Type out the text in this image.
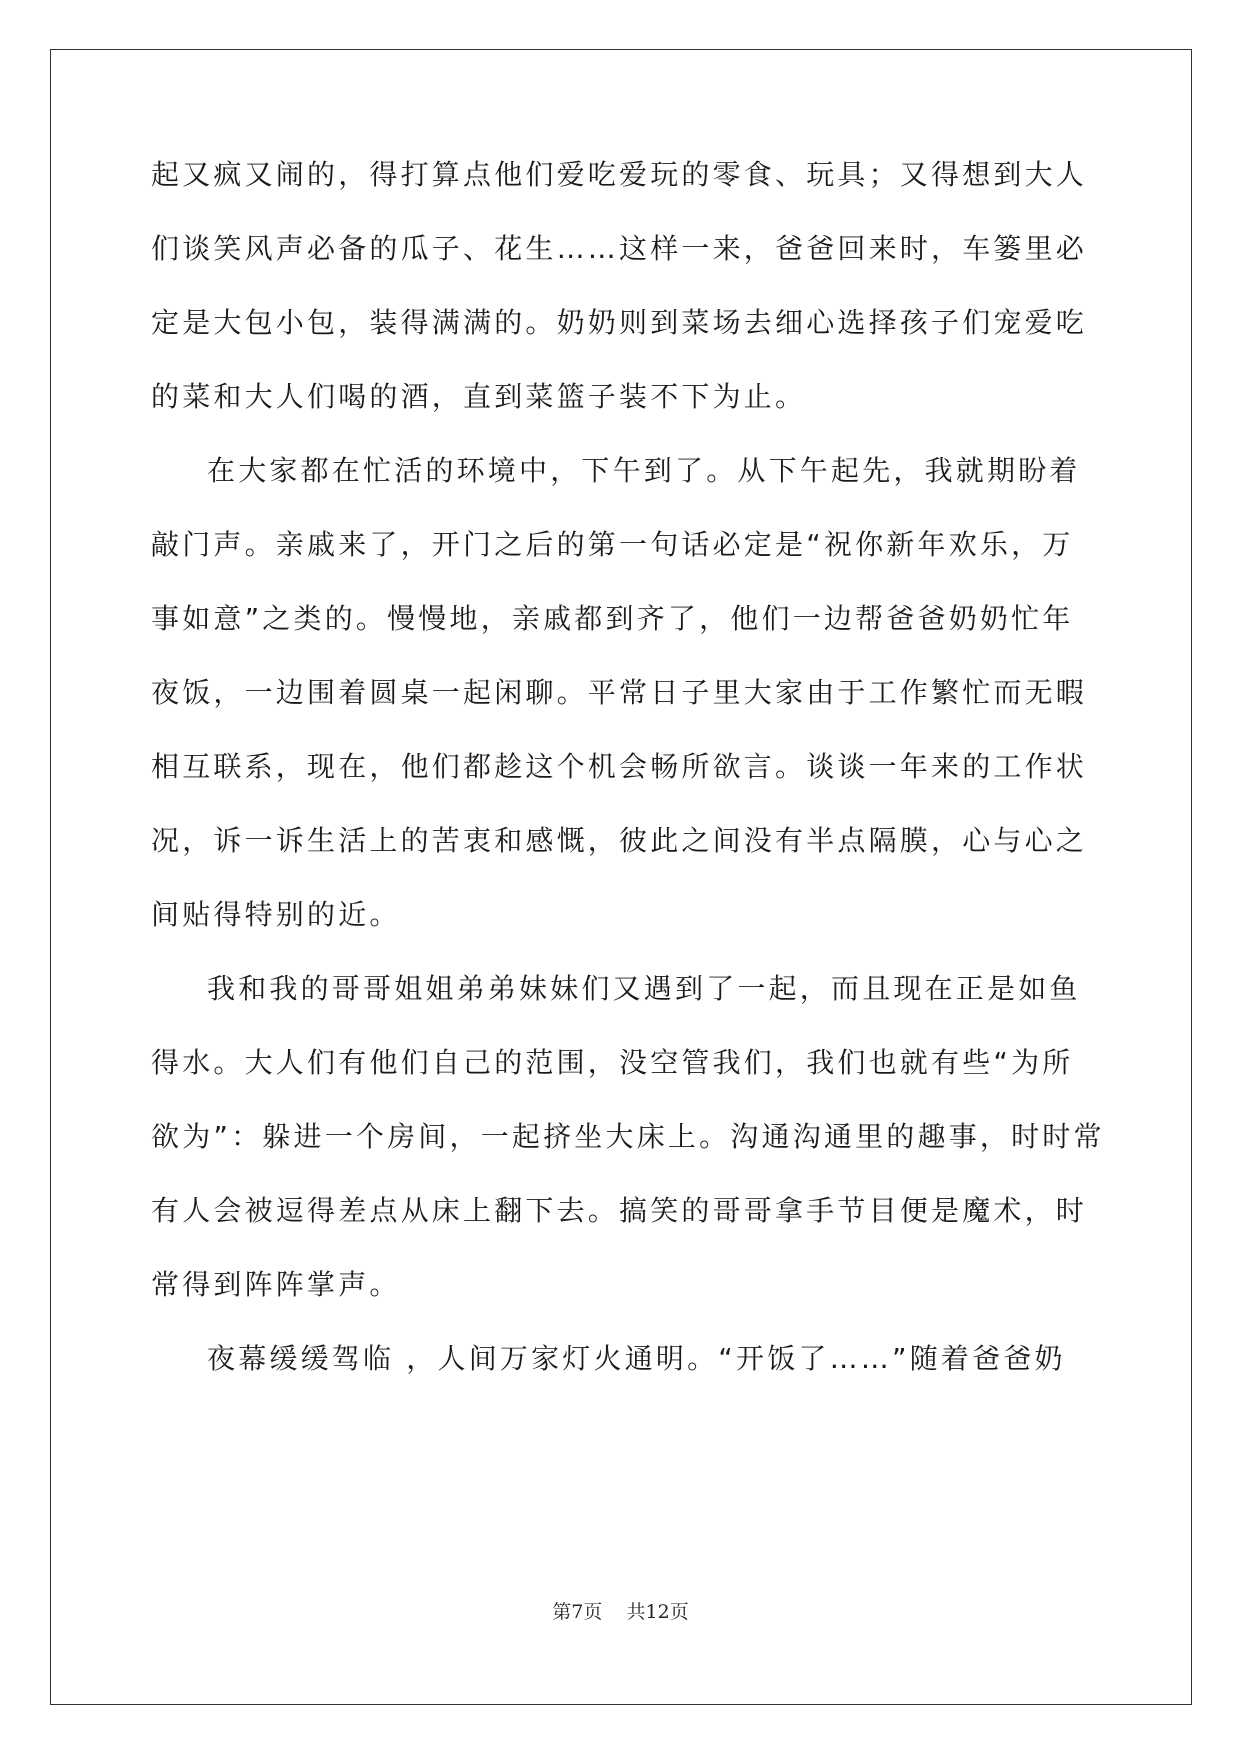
起又疯又闹的，得打算点他们爱吃爱玩的零食、玩具；又得想到大人
们谈笑风声必备的瓜子、花生……这样一来，爸爸回来时，车篓里必
定是大包小包，装得满满的。奶奶则到菜场去细心选择孩子们宠爱吃
的菜和大人们喝的酒，直到菜篮子装不下为止。
在大家都在忙活的环境中，下午到了。从下午起先，我就期盼着
敲门声。亲戚来了，开门之后的第一句话必定是“祝你新年欢乐，万
事如意”之类的。慢慢地，亲戚都到齐了，他们一边帮爸爸奶奶忙年
夜饭，一边围着圆桌一起闲聊。平常日子里大家由于工作繁忙而无暇
相互联系，现在，他们都趁这个机会畅所欲言。谈谈一年来的工作状
况，诉一诉生活上的苦衷和感慨，彼此之间没有半点隔膜，心与心之
间贴得特别的近。
我和我的哥哥姐姐弟弟妹妹们又遇到了一起，而且现在正是如鱼
得水。大人们有他们自己的范围，没空管我们，我们也就有些“为所
欲为”：躲进一个房间，一起挤坐大床上。沟通沟通里的趣事，时时常
有人会被逗得差点从床上翻下去。搞笑的哥哥拿手节目便是魔术，时
常得到阵阵掌声。
夜幕缓缓驾临 ，人间万家灯火通明。“开饭了……”随着爸爸奶
第7页    共12页
